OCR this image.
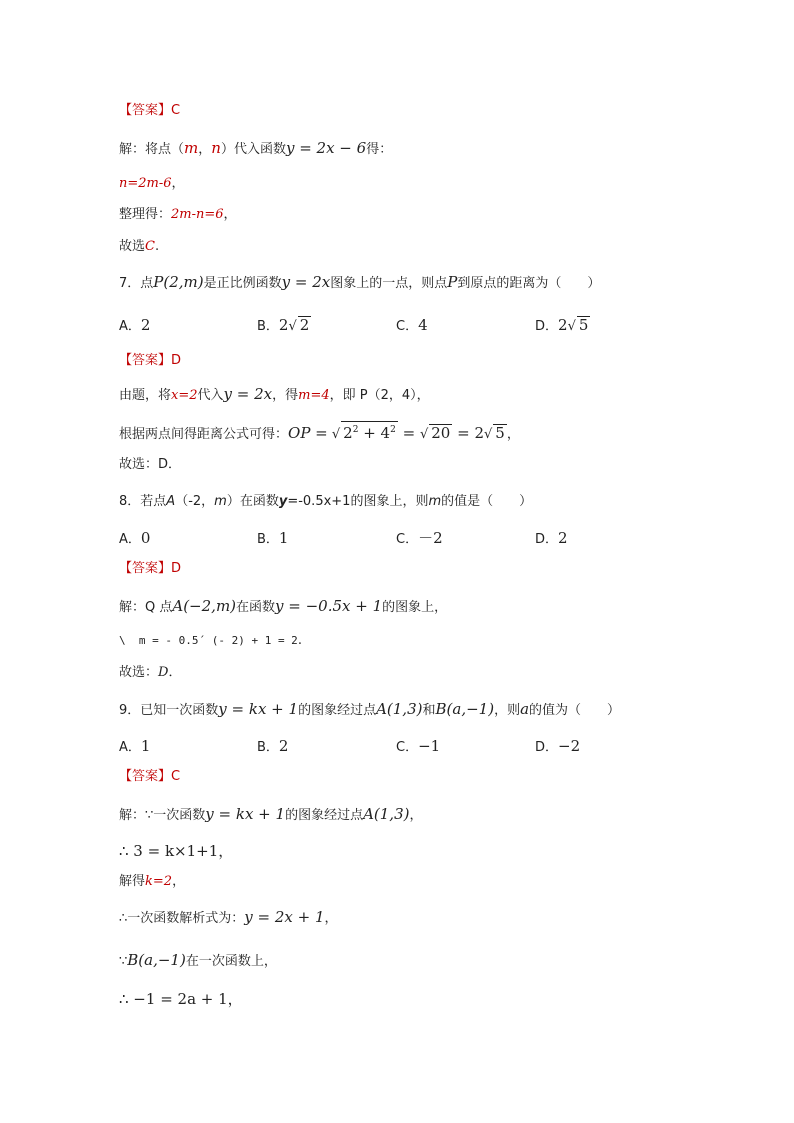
【答案】C
解：将点（m，n）代入函数y = 2x − 6得：
n=2m-6，
整理得：2m-n=6，
故选C.
7．点P(2,m)是正比例函数y = 2x图象上的一点，则点P到原点的距离为（　　）
A．2	B．2√ 2	C．4	D．2√ 5
【答案】D
由题，将x=2代入y = 2x，得m=4，即 P（2，4），
根据两点间得距离公式可得：OP = √ $2^2 + 4^2$ = √ 20 = 2√ 5 ，
故选：D．
8．若点A（-2，m）在函数y=-0.5x+1的图象上，则m的值是（　　）
A．0	B．1	C．－2	D．2
【答案】D
解：Q 点A(−2,m)在函数y = −0.5x + 1的图象上，
\  m = - 0.5´ (- 2) + 1 = 2.
故选：D．
9．已知一次函数y = kx + 1的图象经过点A(1,3)和B(a,−1)，则a的值为（　　）
A．1	B．2	C．−1	D．−2
【答案】C
解：∵一次函数y = kx + 1的图象经过点A(1,3)，
∴ 3 = k×1+1，
解得k=2，
∴一次函数解析式为：y = 2x + 1，
∵B(a,−1)在一次函数上，
∴ −1 = 2a + 1，
